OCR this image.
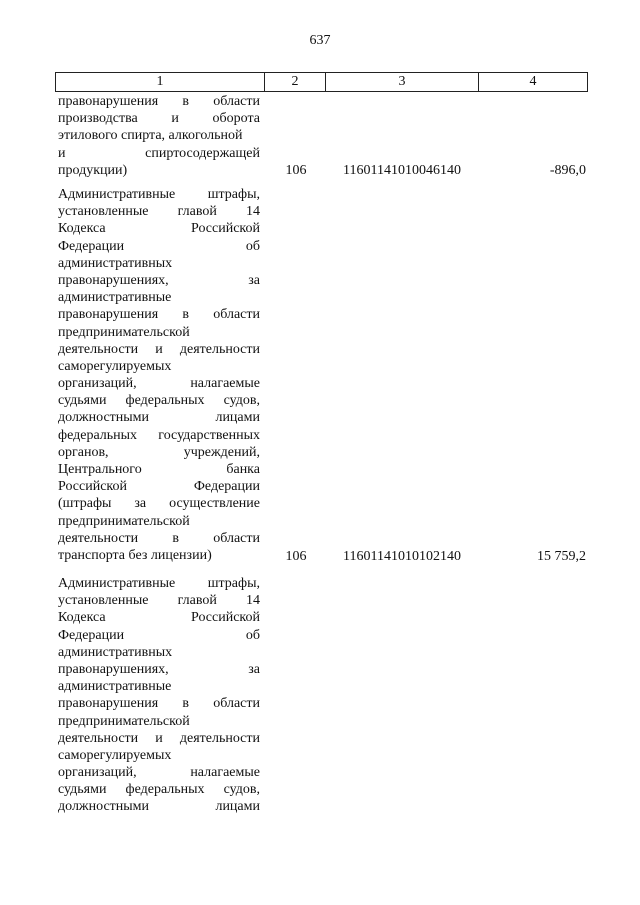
637
1	2	3	4
правонарушения в области
производства и оборота
этилового спирта, алкогольной
и спиртосодержащей
продукции)	106	11601141010046140	-896,0
Административные штрафы,
установленные главой 14
Кодекса Российской
Федерации об
административных
правонарушениях, за
административные
правонарушения в области
предпринимательской
деятельности и деятельности
саморегулируемых
организаций, налагаемые
судьями федеральных судов,
должностными лицами
федеральных государственных
органов, учреждений,
Центрального банка
Российской Федерации
(штрафы за осуществление
предпринимательской
деятельности в области
транспорта без лицензии)	106	11601141010102140	15 759,2
Административные штрафы,
установленные главой 14
Кодекса Российской
Федерации об
административных
правонарушениях, за
административные
правонарушения в области
предпринимательской
деятельности и деятельности
саморегулируемых
организаций, налагаемые
судьями федеральных судов,
должностными лицами
